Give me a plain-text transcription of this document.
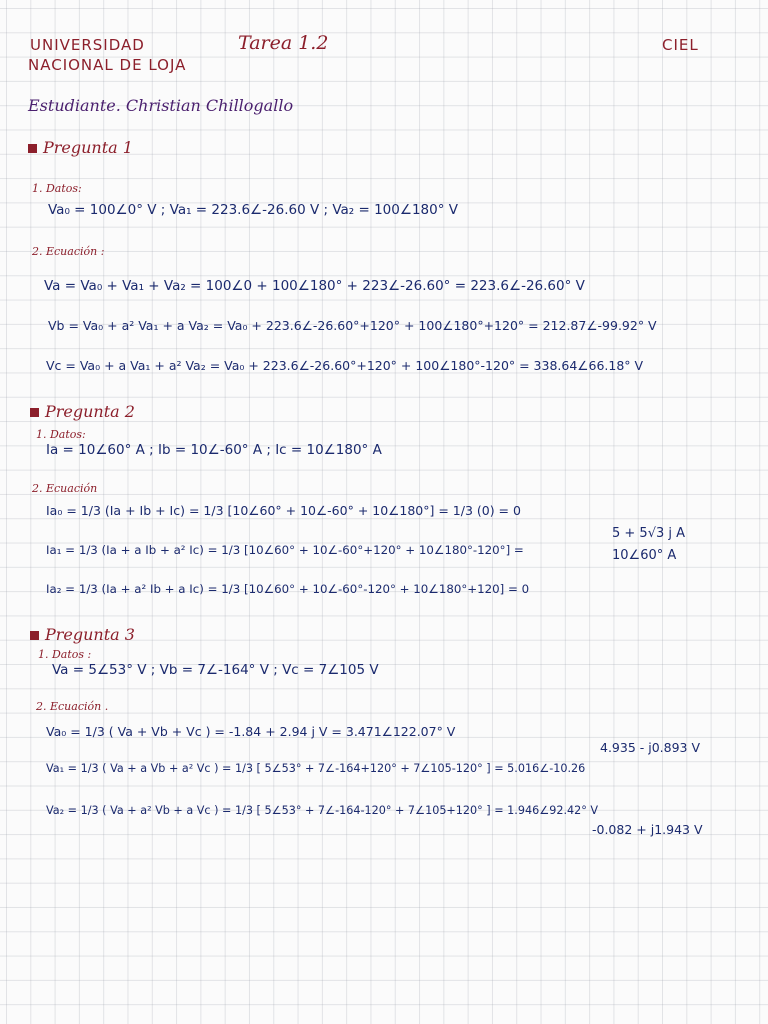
UNIVERSIDAD
NACIONAL DE LOJA
Tarea 1.2	CIEL
Estudiante. Christian Chillogallo
Pregunta 1
1. Datos:
Va₀ = 100∠0° V ; Va₁ = 223.6∠-26.60 V ; Va₂ = 100∠180° V
2. Ecuación :
Va = Va₀ + Va₁ + Va₂ = 100∠0 + 100∠180° + 223∠-26.60° = 223.6∠-26.60° V
Vb = Va₀ + a² Va₁ + a Va₂ = Va₀ + 223.6∠-26.60°+120° + 100∠180°+120° = 212.87∠-99.92° V
Vc = Va₀ + a Va₁ + a² Va₂ = Va₀ + 223.6∠-26.60°+120° + 100∠180°-120° = 338.64∠66.18° V
Pregunta 2
1. Datos:
Ia = 10∠60° A ; Ib = 10∠-60° A ; Ic = 10∠180° A
2. Ecuación
Ia₀ = 1/3 (Ia + Ib + Ic) = 1/3 [10∠60° + 10∠-60° + 10∠180°] = 1/3 (0) = 0
Ia₁ = 1/3 (Ia + a Ib + a² Ic) = 1/3 [10∠60° + 10∠-60°+120° + 10∠180°-120°] =
5 + 5√3 j A
10∠60° A
Ia₂ = 1/3 (Ia + a² Ib + a Ic) = 1/3 [10∠60° + 10∠-60°-120° + 10∠180°+120] = 0
Pregunta 3
1. Datos :
Va = 5∠53° V ; Vb = 7∠-164° V ; Vc = 7∠105 V
2. Ecuación .
Va₀ = 1/3 ( Va + Vb + Vc ) = -1.84 + 2.94 j V = 3.471∠122.07° V
4.935 - j0.893 V
Va₁ = 1/3 ( Va + a Vb + a² Vc ) = 1/3 [ 5∠53° + 7∠-164+120° + 7∠105-120° ] = 5.016∠-10.26
Va₂ = 1/3 ( Va + a² Vb + a Vc ) = 1/3 [ 5∠53° + 7∠-164-120° + 7∠105+120° ] = 1.946∠92.42° V
-0.082 + j1.943 V
